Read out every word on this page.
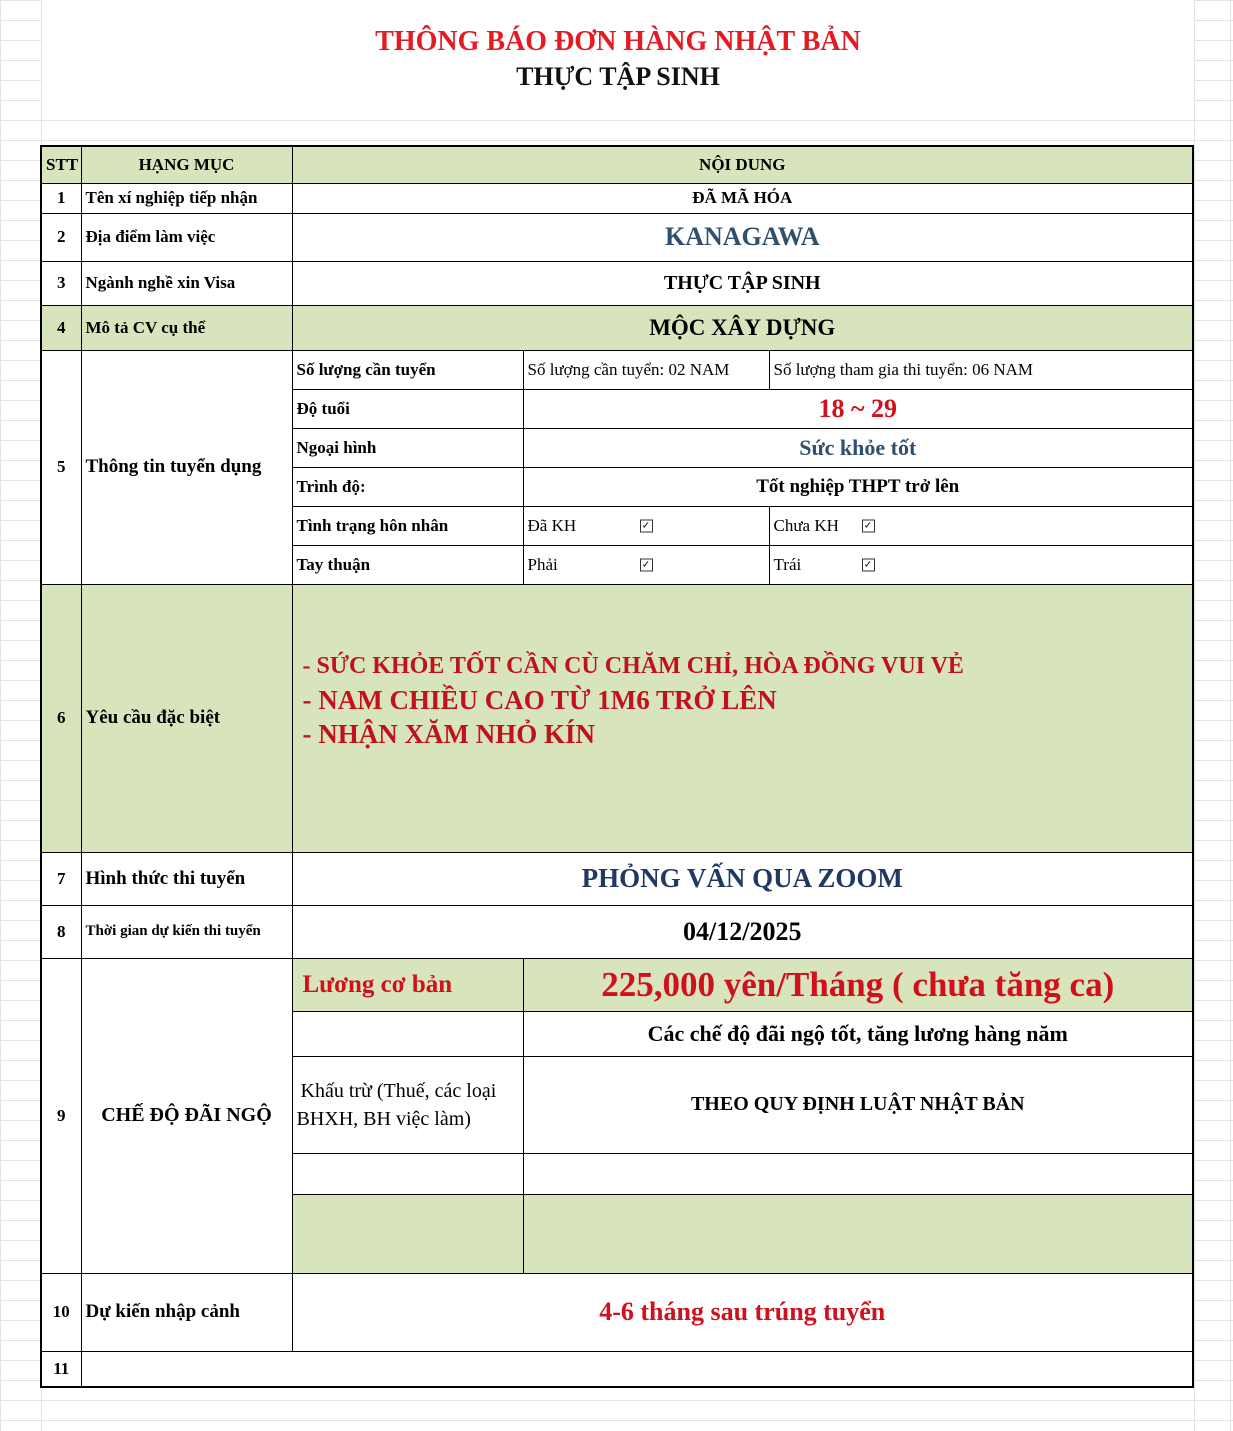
THÔNG BÁO ĐƠN HÀNG NHẬT BẢN
THỰC TẬP SINH
STT	HẠNG MỤC	NỘI DUNG		
1	Tên xí nghiệp tiếp nhận	ĐÃ MÃ HÓA		
2	Địa điểm làm việc	KANAGAWA		
3	Ngành nghề xin Visa	THỰC TẬP SINH		
4	Mô tả CV cụ thể	MỘC XÂY DỰNG		
5	Thông tin tuyển dụng	Số lượng cần tuyển	Số lượng cần tuyển: 02 NAM	Số lượng tham gia thi tuyển: 06 NAM
		Độ tuổi	18 ~ 29	
		Ngoại hình	Sức khỏe tốt	
		Trình độ:	Tốt nghiệp THPT trở lên	
		Tình trạng hôn nhân	Đã KH ✓	Chưa KH ✓

		Tay thuận	Phải ✓	Trái ✓

6	Yêu cầu đặc biệt	- SỨC KHỎE TỐT CẦN CÙ CHĂM CHỈ, HÒA ĐỒNG VUI VẺ
- NAM CHIỀU CAO TỪ 1M6 TRỞ LÊN
- NHẬN XĂM NHỎ KÍN		

7	Hình thức thi tuyển	PHỎNG VẤN QUA ZOOM		
8	Thời gian dự kiến thi tuyển	04/12/2025		
9	CHẾ ĐỘ ĐÃI NGỘ	Lương cơ bản	225,000 yên/Tháng ( chưa tăng ca)	
			Các chế độ đãi ngộ tốt, tăng lương hàng năm	

		Khấu trừ (Thuế, các loại
BHXH, BH việc làm)	THEO QUY ĐỊNH LUẬT NHẬT BẢN	

10	Dự kiến nhập cảnh	4-6 tháng sau trúng tuyển		
11				
